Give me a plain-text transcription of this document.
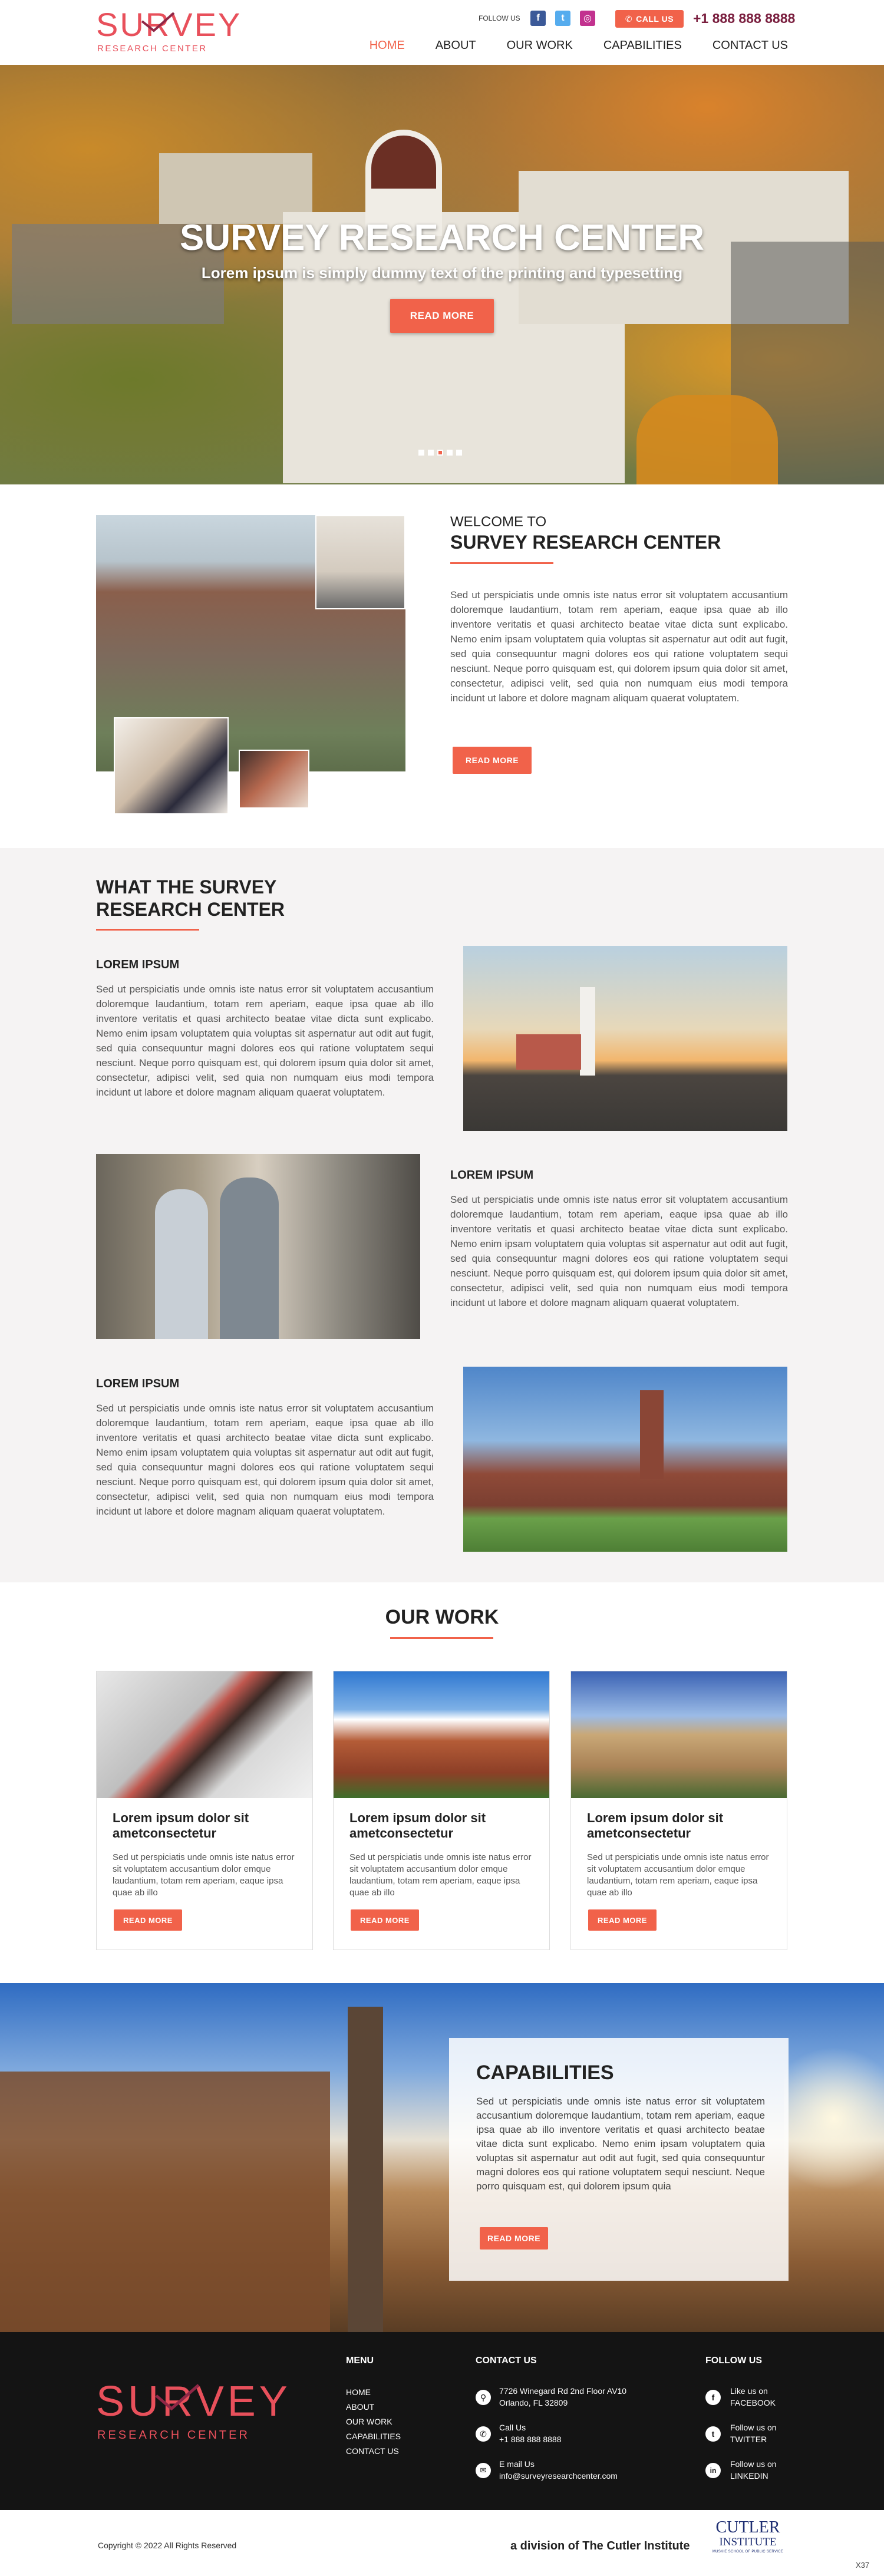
SURVEY
RESEARCH CENTER
FOLLOW US	f	t	◎	✆ CALL US +1 888 888 8888
HOME	ABOUT	OUR WORK	CAPABILITIES	CONTACT US
SURVEY RESEARCH CENTER
Lorem ipsum is simply dummy text of the printing and typesetting
READ MORE
WELCOME TO
SURVEY RESEARCH CENTER
Sed ut perspiciatis unde omnis iste natus error sit voluptatem accusantium doloremque laudantium, totam rem aperiam, eaque ipsa quae ab illo inventore veritatis et quasi architecto beatae vitae dicta sunt explicabo. Nemo enim ipsam voluptatem quia voluptas sit aspernatur aut odit aut fugit, sed quia consequuntur magni dolores eos qui ratione voluptatem sequi nesciunt. Neque porro quisquam est, qui dolorem ipsum quia dolor sit amet, consectetur, adipisci velit, sed quia non numquam eius modi tempora incidunt ut labore et dolore magnam aliquam quaerat voluptatem.
READ MORE
WHAT THE SURVEY
RESEARCH CENTER
LOREM IPSUM
Sed ut perspiciatis unde omnis iste natus error sit voluptatem accusantium doloremque laudantium, totam rem aperiam, eaque ipsa quae ab illo inventore veritatis et quasi architecto beatae vitae dicta sunt explicabo. Nemo enim ipsam voluptatem quia voluptas sit aspernatur aut odit aut fugit, sed quia consequuntur magni dolores eos qui ratione voluptatem sequi nesciunt. Neque porro quisquam est, qui dolorem ipsum quia dolor sit amet, consectetur, adipisci velit, sed quia non numquam eius modi tempora incidunt ut labore et dolore magnam aliquam quaerat voluptatem.
LOREM IPSUM
Sed ut perspiciatis unde omnis iste natus error sit voluptatem accusantium doloremque laudantium, totam rem aperiam, eaque ipsa quae ab illo inventore veritatis et quasi architecto beatae vitae dicta sunt explicabo. Nemo enim ipsam voluptatem quia voluptas sit aspernatur aut odit aut fugit, sed quia consequuntur magni dolores eos qui ratione voluptatem sequi nesciunt. Neque porro quisquam est, qui dolorem ipsum quia dolor sit amet, consectetur, adipisci velit, sed quia non numquam eius modi tempora incidunt ut labore et dolore magnam aliquam quaerat voluptatem.
LOREM IPSUM
Sed ut perspiciatis unde omnis iste natus error sit voluptatem accusantium doloremque laudantium, totam rem aperiam, eaque ipsa quae ab illo inventore veritatis et quasi architecto beatae vitae dicta sunt explicabo. Nemo enim ipsam voluptatem quia voluptas sit aspernatur aut odit aut fugit, sed quia consequuntur magni dolores eos qui ratione voluptatem sequi nesciunt. Neque porro quisquam est, qui dolorem ipsum quia dolor sit amet, consectetur, adipisci velit, sed quia non numquam eius modi tempora incidunt ut labore et dolore magnam aliquam quaerat voluptatem.
OUR WORK
Lorem ipsum dolor sit ametconsectetur
Sed ut perspiciatis unde omnis iste natus error sit voluptatem accusantium dolor emque laudantium, totam rem aperiam, eaque ipsa quae ab illo
READ MORE
Lorem ipsum dolor sit ametconsectetur
Sed ut perspiciatis unde omnis iste natus error sit voluptatem accusantium dolor emque laudantium, totam rem aperiam, eaque ipsa quae ab illo
READ MORE
Lorem ipsum dolor sit ametconsectetur
Sed ut perspiciatis unde omnis iste natus error sit voluptatem accusantium dolor emque laudantium, totam rem aperiam, eaque ipsa quae ab illo
READ MORE
CAPABILITIES
Sed ut perspiciatis unde omnis iste natus error sit voluptatem accusantium doloremque laudantium, totam rem aperiam, eaque ipsa quae ab illo inventore veritatis et quasi architecto beatae vitae dicta sunt explicabo. Nemo enim ipsam voluptatem quia voluptas sit aspernatur aut odit aut fugit, sed quia consequuntur magni dolores eos qui ratione voluptatem sequi nesciunt. Neque porro quisquam est, qui dolorem ipsum quia
READ MORE
SURVEY
RESEARCH CENTER
MENU
HOME
ABOUT
OUR WORK
CAPABILITIES
CONTACT US
CONTACT US
⚲
7726 Winegard Rd 2nd Floor AV10
Orlando, FL 32809
✆
Call Us
+1 888 888 8888
✉
E mail Us
info@surveyresearchcenter.com
FOLLOW US
f
Like us on
FACEBOOK
t
Follow us on
TWITTER
in
Follow us on
LINKEDIN
Copyright © 2022 All Rights Reserved	a division of The Cutler Institute
CUTLER
INSTITUTE
MUSKIE SCHOOL OF PUBLIC SERVICE
X37
